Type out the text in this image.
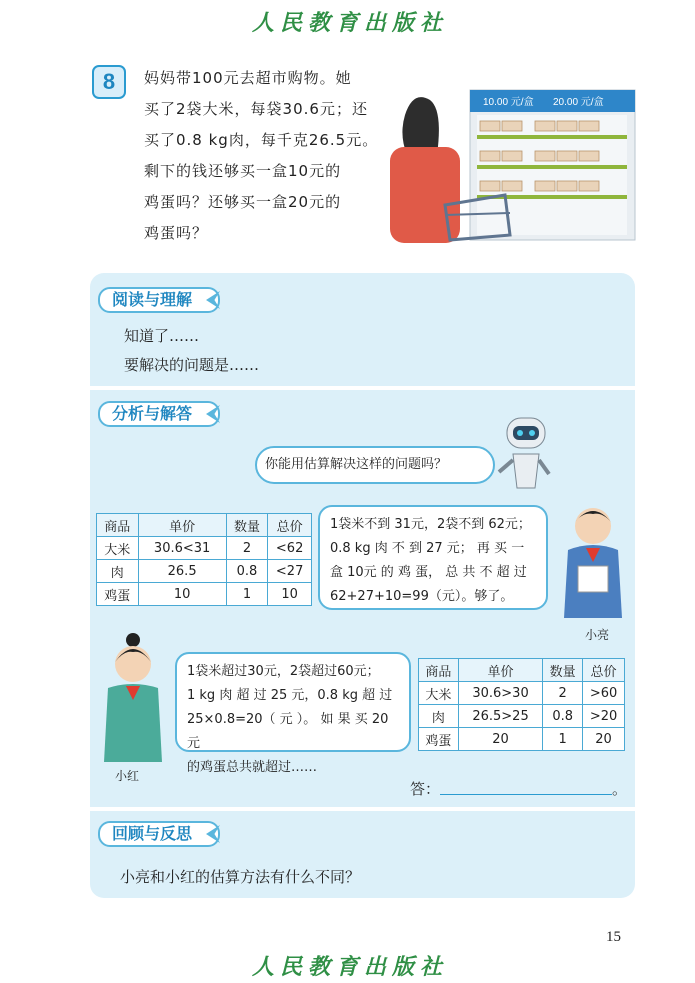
人民教育出版社
8	妈妈带100元去超市购物。她
买了2袋大米，每袋30.6元；还
买了0.8 kg肉，每千克26.5元。
剩下的钱还够买一盒10元的
鸡蛋吗？还够买一盒20元的
鸡蛋吗？
10.00 元/盒 20.00 元/盒
阅读与理解
知道了……
要解决的问题是……
分析与解答
你能用估算解决这样的问题吗？
商品	单价	数量	总价
大米	30.6<31	2	<62
肉	26.5	0.8	<27
鸡蛋	10	1	10
1袋米不到 31元，2袋不到 62元；
0.8 kg 肉 不 到 27 元； 再 买 一
盒 10元 的 鸡 蛋， 总 共 不 超 过
62+27+10=99（元）。够了。
小亮
小红
1袋米超过30元，2袋超过60元；
1 kg 肉 超 过 25 元，0.8 kg 超 过
25×0.8=20（ 元 ）。 如 果 买 20 元
的鸡蛋总共就超过……
商品	单价	数量	总价
大米	30.6>30	2	>60
肉	26.5>25	0.8	>20
鸡蛋	20	1	20
答：	。
回顾与反思
小亮和小红的估算方法有什么不同？
15
人民教育出版社
